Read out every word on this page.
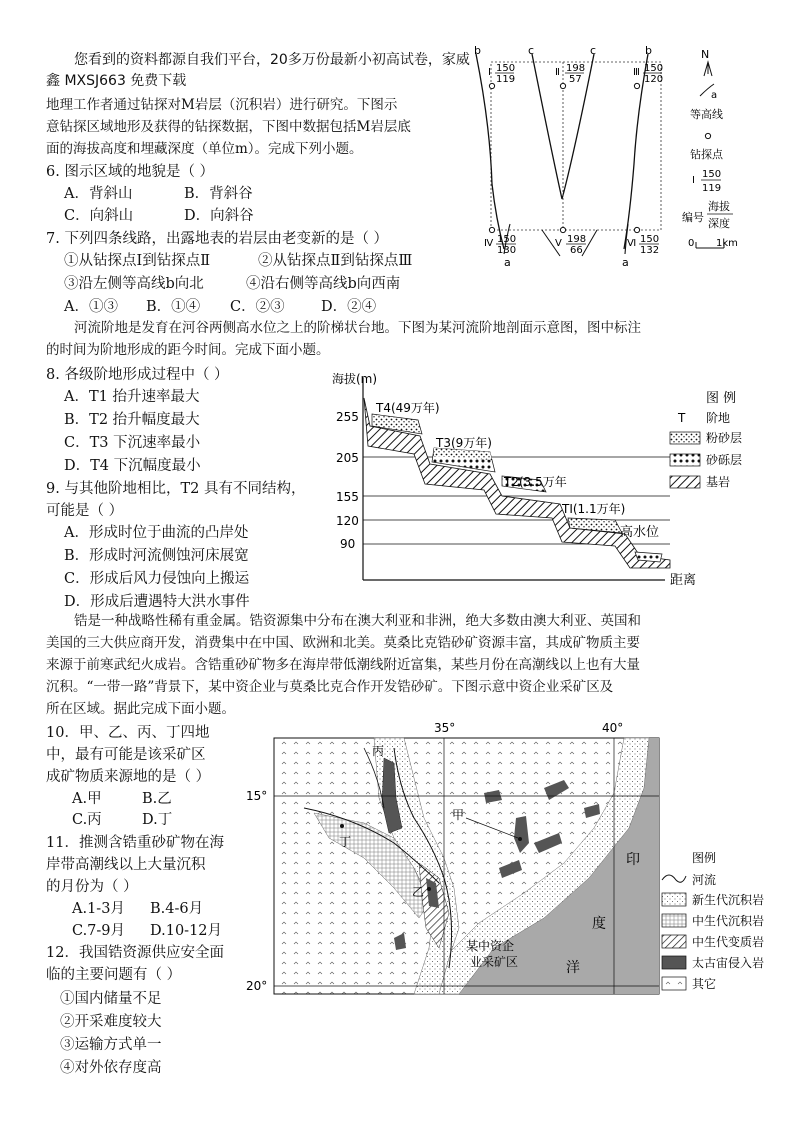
您看到的资料都源自我们平台，20多万份最新小初高试卷，家威
鑫 MXSJ663 免费下载
地理工作者通过钻探对M岩层（沉积岩）进行研究。下图示
意钻探区域地形及获得的钻探数据，下图中数据包括M岩层底
面的海拔高度和埋藏深度（单位m）。完成下列小题。
6. 图示区域的地貌是（ ）
A．背斜山	B．背斜谷
C．向斜山	D．向斜谷
7. 下列四条线路，出露地表的岩层由老变新的是（ ）
①从钻探点Ⅰ到钻探点Ⅱ	②从钻探点Ⅱ到钻探点Ⅲ
③沿左侧等高线b向北	④沿右侧等高线b向西南
A．①③ B．①④ C．②③	D．②④
b	c	c	b
a	a
Ⅰ 150
119
Ⅱ 198
57
Ⅲ 150
120
Ⅳ 150
130
Ⅴ 198
66
Ⅵ 150
132
N
a
等高线
钻探点
Ⅰ
150
119
编号
海拔
深度
0 1km
河流阶地是发育在河谷两侧高水位之上的阶梯状台地。下图为某河流阶地剖面示意图，图中标注
的时间为阶地形成的距今时间。完成下面小题。
8. 各级阶地形成过程中（ ）
A．T1 抬升速率最大
B．T2 抬升幅度最大
C．T3 下沉速率最小
D．T4 下沉幅度最小
9. 与其他阶地相比，T2 具有不同结构，
可能是（ ）
A．形成时位于曲流的凸岸处
B．形成时河流侧蚀河床展宽
C．形成后风力侵蚀向上搬运
D．形成后遭遇特大洪水事件
海拔(m)
255
205
155
120
90
T4(49万年)
T3(9万年)
T2(3.5万年
TI(1.1万年)
高水位
距离
图 例
T 阶地
粉砂层
砂砾层
基岩
锆是一种战略性稀有重金属。锆资源集中分布在澳大利亚和非洲，绝大多数由澳大利亚、英国和
美国的三大供应商开发，消费集中在中国、欧洲和北美。莫桑比克锆砂矿资源丰富，其成矿物质主要
来源于前寒武纪火成岩。含锆重砂矿物多在海岸带低潮线附近富集，某些月份在高潮线以上也有大量
沉积。“一带一路”背景下，某中资企业与莫桑比克合作开发锆砂矿。下图示意中资企业采矿区及
所在区域。据此完成下面小题。
10．甲、乙、丙、丁四地
中，最有可能是该采矿区
成矿物质来源地的是（ ）
A.甲	B.乙
C.丙	D.丁
11．推测含锆重砂矿物在海
岸带高潮线以上大量沉积
的月份为（ ）
A.1-3月 B.4-6月
C.7-9月 D.10-12月
12．我国锆资源供应安全面
临的主要问题有（ ）
①国内储量不足
②开采难度较大
③运输方式单一
④对外依存度高
35°	40°
15°
20°
丙
甲
丁
乙
某中资企
业采矿区
印
度
洋
图例
河流
新生代沉积岩
中生代沉积岩
中生代变质岩
太古宙侵入岩
其它
